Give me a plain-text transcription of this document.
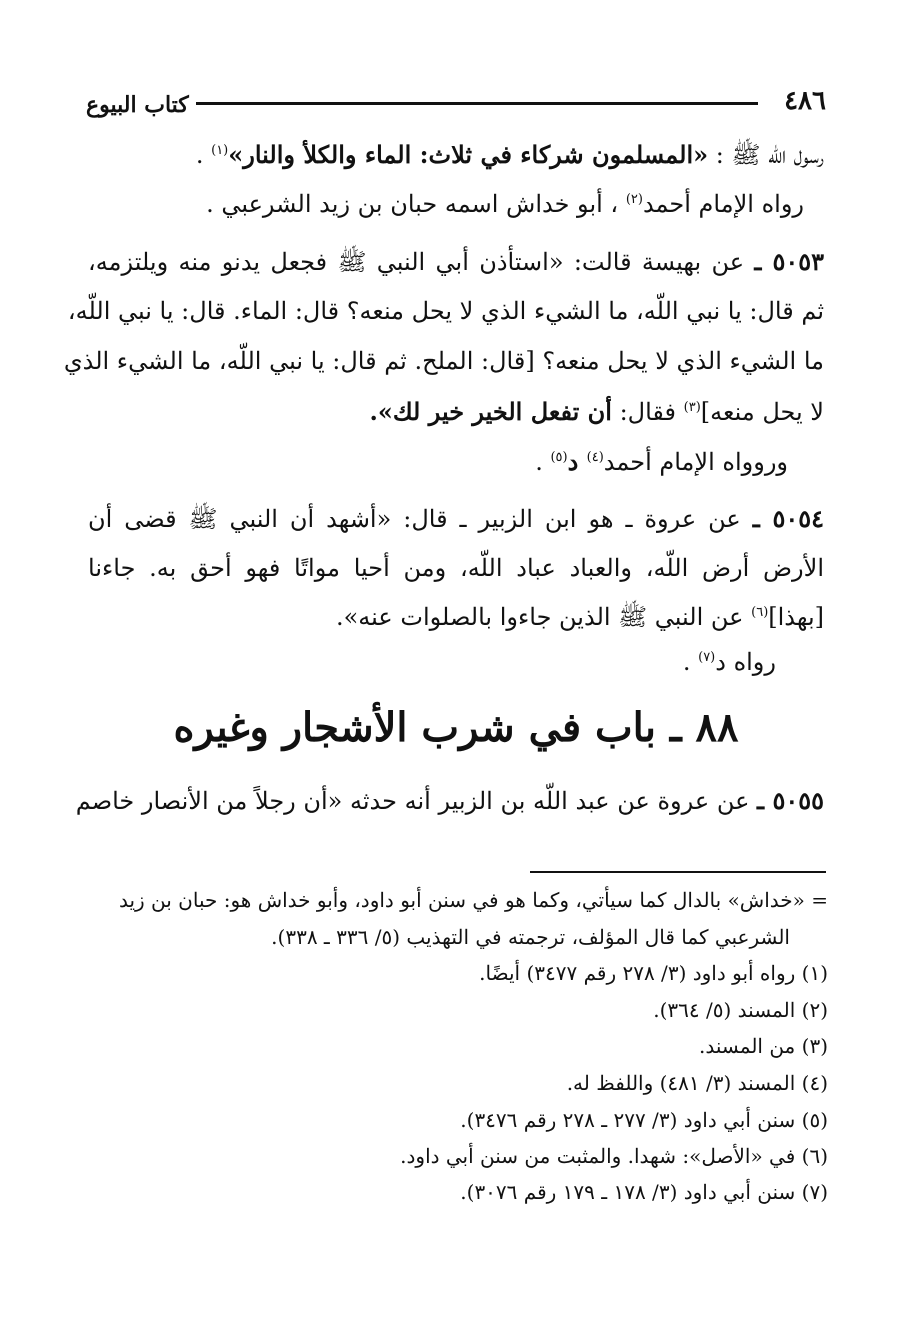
٤٨٦
كتاب البيوع
رسول اللّه ﷺ : «المسلمون شركاء في ثلاث: الماء والكلأ والنار»$^{(١)}$ .
رواه الإمام أحمد$^{(٢)}$ ، أبو خداش اسمه حبان بن زيد الشرعبي .
٥٠٥٣ ـ عن بهيسة قالت: «استأذن أبي النبي ﷺ فجعل يدنو منه ويلتزمه،
ثم قال: يا نبي اللّه، ما الشيء الذي لا يحل منعه؟ قال: الماء. قال: يا نبي اللّه،
ما الشيء الذي لا يحل منعه؟ [قال: الملح. ثم قال: يا نبي اللّه، ما الشيء الذي
لا يحل منعه]$^{(٣)}$ فقال: أن تفعل الخير خير لك».
وروواه الإمام أحمد$^{(٤)}$ د$^{(٥)}$ .
٥٠٥٤ ـ عن عروة ـ هو ابن الزبير ـ قال: «أشهد أن النبي ﷺ قضى أن
الأرض أرض اللّه، والعباد عباد اللّه، ومن أحيا مواتًا فهو أحق به. جاءنا
[بهذا]$^{(٦)}$ عن النبي ﷺ الذين جاءوا بالصلوات عنه».
رواه د$^{(٧)}$ .
٨٨ ـ باب في شرب الأشجار وغيره
٥٠٥٥ ـ عن عروة عن عبد اللّه بن الزبير أنه حدثه «أن رجلاً من الأنصار خاصم
= «خداش» بالدال كما سيأتي، وكما هو في سنن أبو داود، وأبو خداش هو: حبان بن زيد
الشرعبي كما قال المؤلف، ترجمته في التهذيب (٥/ ٣٣٦ ـ ٣٣٨).
(١) رواه أبو داود (٣/ ٢٧٨ رقم ٣٤٧٧) أيضًا.
(٢) المسند (٥/ ٣٦٤).
(٣) من المسند.
(٤) المسند (٣/ ٤٨١) واللفظ له.
(٥) سنن أبي داود (٣/ ٢٧٧ ـ ٢٧٨ رقم ٣٤٧٦).
(٦) في «الأصل»: شهدا. والمثبت من سنن أبي داود.
(٧) سنن أبي داود (٣/ ١٧٨ ـ ١٧٩ رقم ٣٠٧٦).
